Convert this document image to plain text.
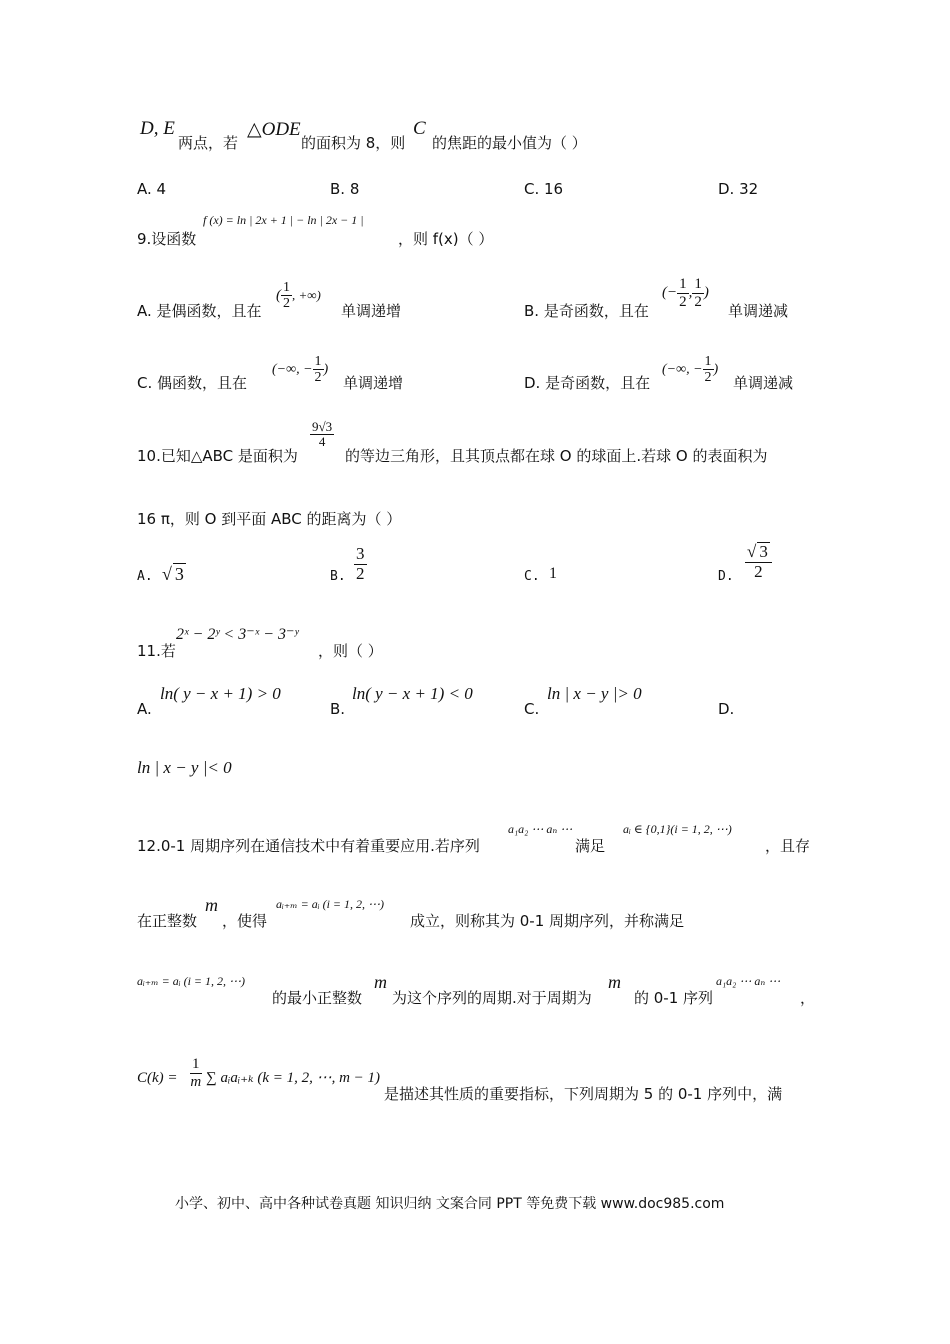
D, E
两点，若
△ODE
的面积为 8，则
C
的焦距的最小值为（ ）
A. 4	B. 8	C. 16	D. 32
9.设函数
f (x) = ln | 2x + 1 | − ln | 2x − 1 |
，则 f(x)（ ）
A. 是偶函数，且在
( $\frac{1}{2}$ , +∞)
单调递增	B. 是奇函数，且在
(− $\frac{1}{2}$ , $\frac{1}{2}$ )
单调递减
C. 偶函数，且在
(−∞, − $\frac{1}{2}$ )
单调递增	D. 是奇函数，且在
(−∞, − $\frac{1}{2}$ )
单调递减
10.已知△ABC 是面积为
$\frac{9√3}{4}$
的等边三角形，且其顶点都在球 O 的球面上.若球 O 的表面积为
16 π，则 O 到平面 ABC 的距离为（ ）
A. √ 3	B. $\frac{3}{2}$	C. 1	D. $\frac{√ 3}{2}$
11.若
2ˣ − 2ʸ < 3⁻ˣ − 3⁻ʸ
，则（ ）
A.
ln( y − x + 1) > 0
B.
ln( y − x + 1) < 0
C.
ln | x − y |> 0
D.
ln | x − y |< 0
12.0-1 周期序列在通信技术中有着重要应用.若序列
a₁a₂ ⋯ aₙ ⋯
满足
aᵢ ∈ {0,1}(i = 1, 2, ⋯)
，且存
在正整数
m
，使得
aᵢ₊ₘ = aᵢ (i = 1, 2, ⋯)
成立，则称其为 0-1 周期序列，并称满足
aᵢ₊ₘ = aᵢ (i = 1, 2, ⋯)
的最小正整数
m
为这个序列的周期.对于周期为
m
的 0-1 序列
a₁a₂ ⋯ aₙ ⋯
，
$C(k) = \frac{1}{m}$ ∑ aᵢaᵢ₊ₖ (k = 1, 2, ⋯, m − 1)
是描述其性质的重要指标，下列周期为 5 的 0-1 序列中，满
小学、初中、高中各种试卷真题 知识归纳 文案合同 PPT 等免费下载 www.doc985.com
